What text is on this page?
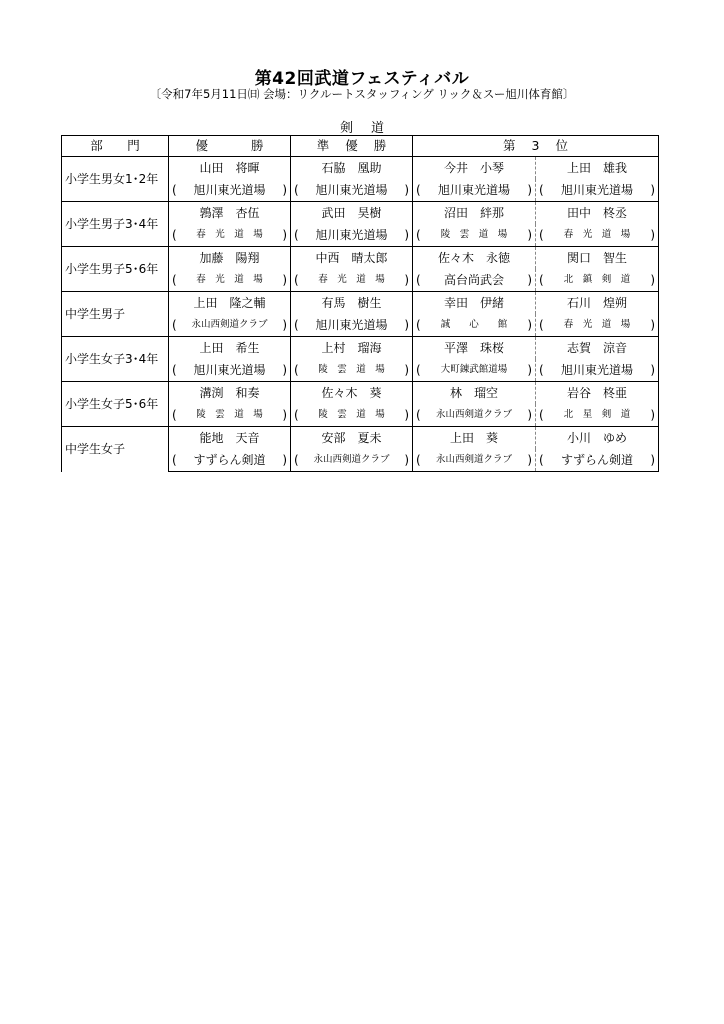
第42回武道フェスティバル
〔令和7年5月11日㈰ 会場：リクルートスタッフィング リック＆スー旭川体育館〕
剣道
部　門	優　　勝	準 優 勝	第 3 位	
小学生男女1･2年	山田　将暉	石脇　凰助	今井　小琴	上田　雄我

	( 旭川東光道場 )	( 旭川東光道場 )	( 旭川東光道場 )	( 旭川東光道場 )

小学生男子3･4年	鶉澤　杏伍	武田　昊樹	沼田　絆那	田中　柊丞

	( 春　光　道　場 )	( 旭川東光道場 )	( 陵　雲　道　場 )	( 春　光　道　場 )

小学生男子5･6年	加藤　陽翔	中西　晴太郎	佐々木　永徳	関口　智生

	( 春　光　道　場 )	( 春　光　道　場 )	( 高台尚武会 )	( 北　鎮　剣　道 )

中学生男子	上田　隆之輔	有馬　樹生	幸田　伊緒	石川　煌朔

	( 永山西剣道クラブ )	( 旭川東光道場 )	( 誠　　心　　館 )	( 春　光　道　場 )

小学生女子3･4年	上田　希生	上村　瑠海	平澤　珠桜	志賀　涼音

	( 旭川東光道場 )	( 陵　雲　道　場 )	( 大町錬武館道場 )	( 旭川東光道場 )

小学生女子5･6年	溝渕　和奏	佐々木　葵	林　瑠空	岩谷　柊亜

	( 陵　雲　道　場 )	( 陵　雲　道　場 )	( 永山西剣道クラブ )	( 北　星　剣　道 )

中学生女子	能地　天音	安部　夏未	上田　葵	小川　ゆめ

	( すずらん剣道 )	( 永山西剣道クラブ )	( 永山西剣道クラブ )	( すずらん剣道 )
